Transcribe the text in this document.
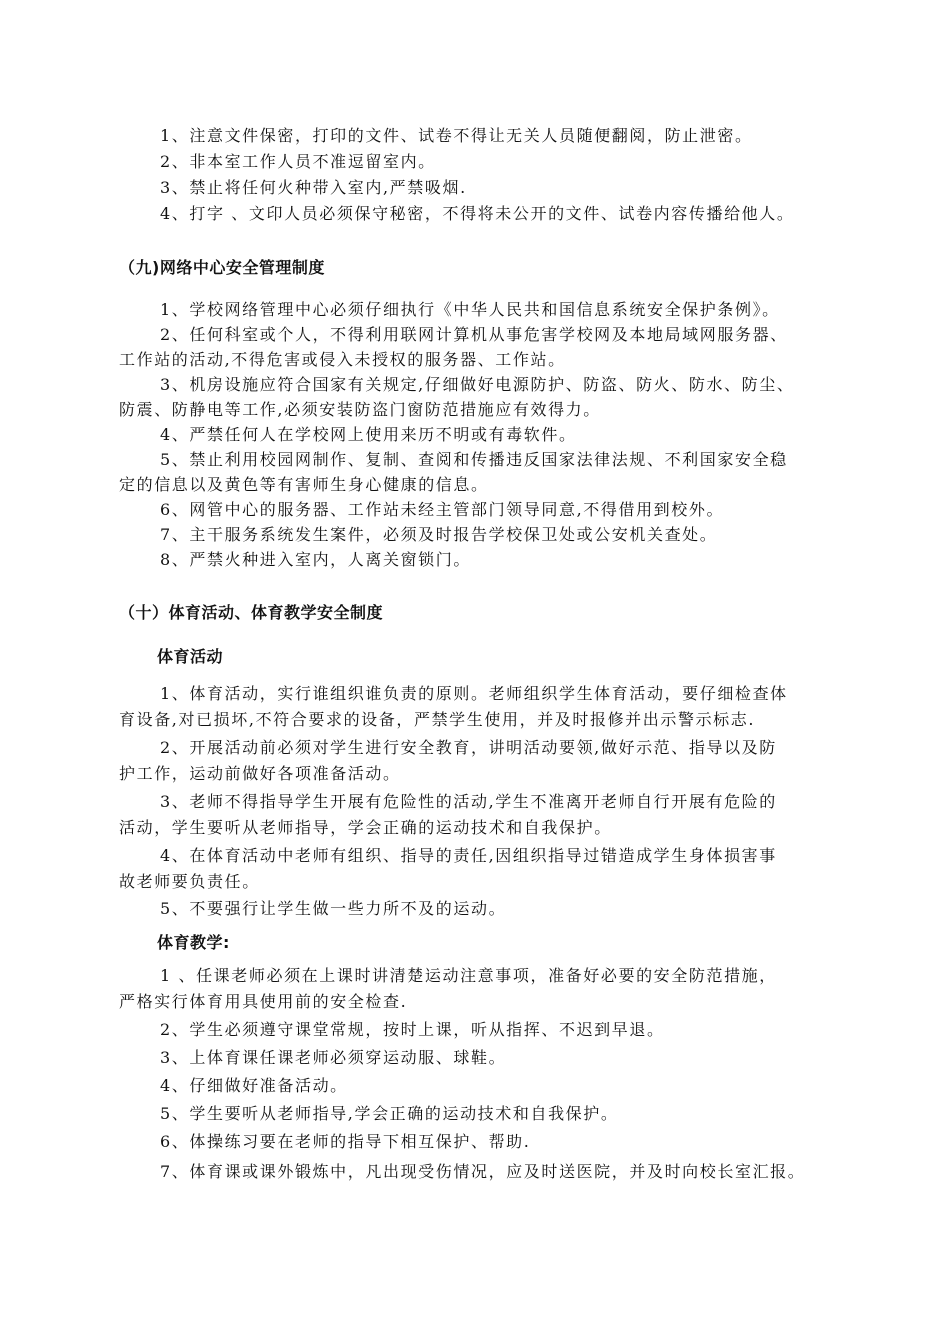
1、注意文件保密，打印的文件、试卷不得让无关人员随便翻阅，防止泄密。
2、非本室工作人员不准逗留室内。
3、禁止将任何火种带入室内,严禁吸烟.
4、打字 、文印人员必须保守秘密，不得将未公开的文件、试卷内容传播给他人。
（九)网络中心安全管理制度
1、学校网络管理中心必须仔细执行《中华人民共和国信息系统安全保护条例》。
2、任何科室或个人，不得利用联网计算机从事危害学校网及本地局域网服务器、
工作站的活动,不得危害或侵入未授权的服务器、工作站。
3、机房设施应符合国家有关规定,仔细做好电源防护、防盗、防火、防水、防尘、
防震、防静电等工作,必须安装防盗门窗防范措施应有效得力。
4、严禁任何人在学校网上使用来历不明或有毒软件。
5、禁止利用校园网制作、复制、查阅和传播违反国家法律法规、不利国家安全稳
定的信息以及黄色等有害师生身心健康的信息。
6、网管中心的服务器、工作站未经主管部门领导同意,不得借用到校外。
7、主干服务系统发生案件，必须及时报告学校保卫处或公安机关查处。
8、严禁火种进入室内，人离关窗锁门。
（十）体育活动、体育教学安全制度
体育活动
1、体育活动，实行谁组织谁负责的原则。老师组织学生体育活动，要仔细检查体
育设备,对已损坏,不符合要求的设备，严禁学生使用，并及时报修并出示警示标志.
2、开展活动前必须对学生进行安全教育，讲明活动要领,做好示范、指导以及防
护工作，运动前做好各项准备活动。
3、老师不得指导学生开展有危险性的活动,学生不准离开老师自行开展有危险的
活动，学生要听从老师指导，学会正确的运动技术和自我保护。
4、在体育活动中老师有组织、指导的责任,因组织指导过错造成学生身体损害事
故老师要负责任。
5、不要强行让学生做一些力所不及的运动。
体育教学:
1 、任课老师必须在上课时讲清楚运动注意事项，准备好必要的安全防范措施，
严格实行体育用具使用前的安全检查.
2、学生必须遵守课堂常规，按时上课，听从指挥、不迟到早退。
3、上体育课任课老师必须穿运动服、球鞋。
4、仔细做好准备活动。
5、学生要听从老师指导,学会正确的运动技术和自我保护。
6、体操练习要在老师的指导下相互保护、帮助.
7、体育课或课外锻炼中，凡出现受伤情况，应及时送医院，并及时向校长室汇报。
